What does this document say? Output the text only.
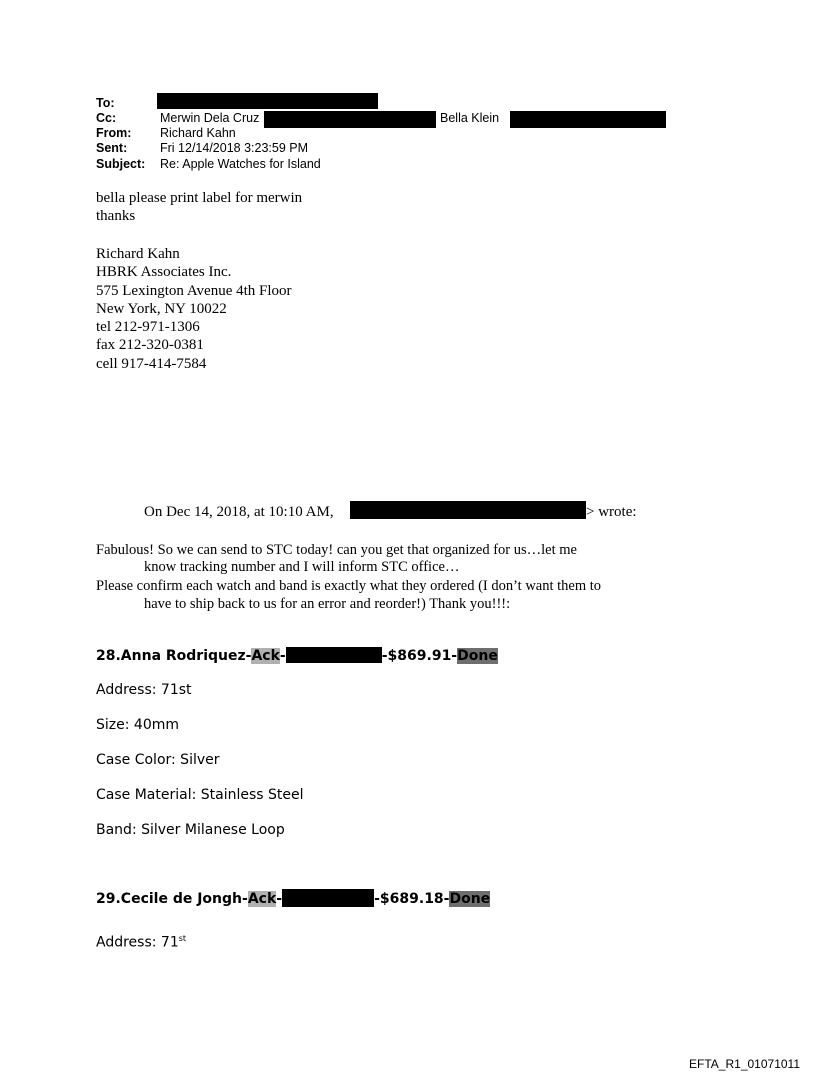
To:
Cc:	Merwin Dela Cruz	Bella Klein
From: Richard Kahn
Sent:	Fri 12/14/2018 3:23:59 PM
Subject: Re: Apple Watches for Island
bella please print label for merwin
thanks
Richard Kahn
HBRK Associates Inc.
575 Lexington Avenue 4th Floor
New York, NY 10022
tel 212-971-1306
fax 212-320-0381
cell 917-414-7584
On Dec 14, 2018, at 10:10 AM,	> wrote:
Fabulous! So we can send to STC today! can you get that organized for us…let me
know tracking number and I will inform STC office…
Please confirm each watch and band is exactly what they ordered (I don’t want them to
have to ship back to us for an error and reorder!) Thank you!!!:
28.Anna Rodriquez-Ack-	-$869.91-Done
Address: 71st
Size: 40mm
Case Color: Silver
Case Material: Stainless Steel
Band: Silver Milanese Loop
29.Cecile de Jongh-Ack-	-$689.18-Done
Address: 71st
EFTA_R1_01071011
